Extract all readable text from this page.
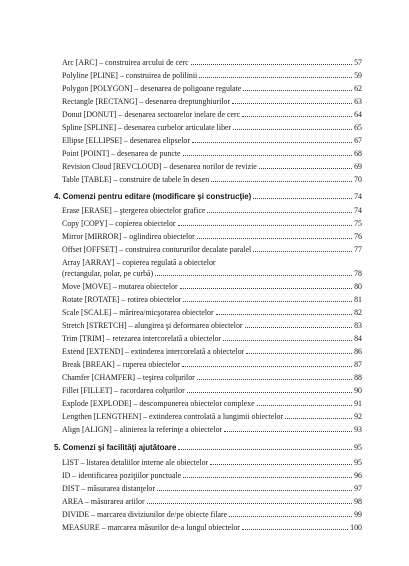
Arc [ARC] – construirea arcului de cerc	57
Polyline [PLINE] – construirea de polilinii	59
Polygon [POLYGON] – desenarea de poligoane regulate	62
Rectangle [RECTANG] – desenarea dreptunghiurilor	63
Donut [DONUT] – desenarea sectoarelor inelare de cerc	64
Spline [SPLINE] – desenarea curbelor articulate liber	65
Ellipse [ELLIPSE] – desenarea elipselor	67
Point [POINT] – desenarea de puncte	68
Revision Cloud [REVCLOUD] – desenarea norilor de revizie	69
Table [TABLE] – construire de tabele în desen	70
4. Comenzi pentru editare (modificare şi construcţie)	74
Erase [ERASE] – ştergerea obiectelor grafice	74
Copy [COPY] – copierea obiectelor	75
Mirror [MIRROR] – oglindirea obiectelor	76
Offset [OFFSET] – construirea contururilor decalate paralel	77
Array [ARRAY] – copierea regulată a obiectelor
(rectangular, polar, pe curbă)	78
Move [MOVE] – mutarea obiectelor	80
Rotate [ROTATE] – rotirea obiectelor	81
Scale [SCALE] – mărirea/micşorarea obiectelor	82
Stretch [STRETCH] – alungirea şi deformarea obiectelor	83
Trim [TRIM] – retezarea intercorelată a obiectelor	84
Extend [EXTEND] – extinderea intercorelată a obiectelor	86
Break [BREAK] – ruperea obiectelor	87
Chamfer [CHAMFER] – teşirea colţurilor	88
Fillet [FILLET] – racordarea colţurilor	90
Explode [EXPLODE] – descompunerea obiectelor complexe	91
Lengthen [LENGTHEN] – extinderea controlată a lungimii obiectelor	92
Align [ALIGN] – alinierea la referinţe a obiectelor	93
5. Comenzi şi facilităţi ajutătoare	95
LIST – listarea detaliilor interne ale obiectelor	95
ID – identificarea poziţiilor punctuale	96
DIST – măsurarea distanţelor	97
AREA – măsurarea ariilor	98
DIVIDE – marcarea diviziunilor de/pe obiecte filare	99
MEASURE – marcarea măsurilor de-a lungul obiectelor	100
